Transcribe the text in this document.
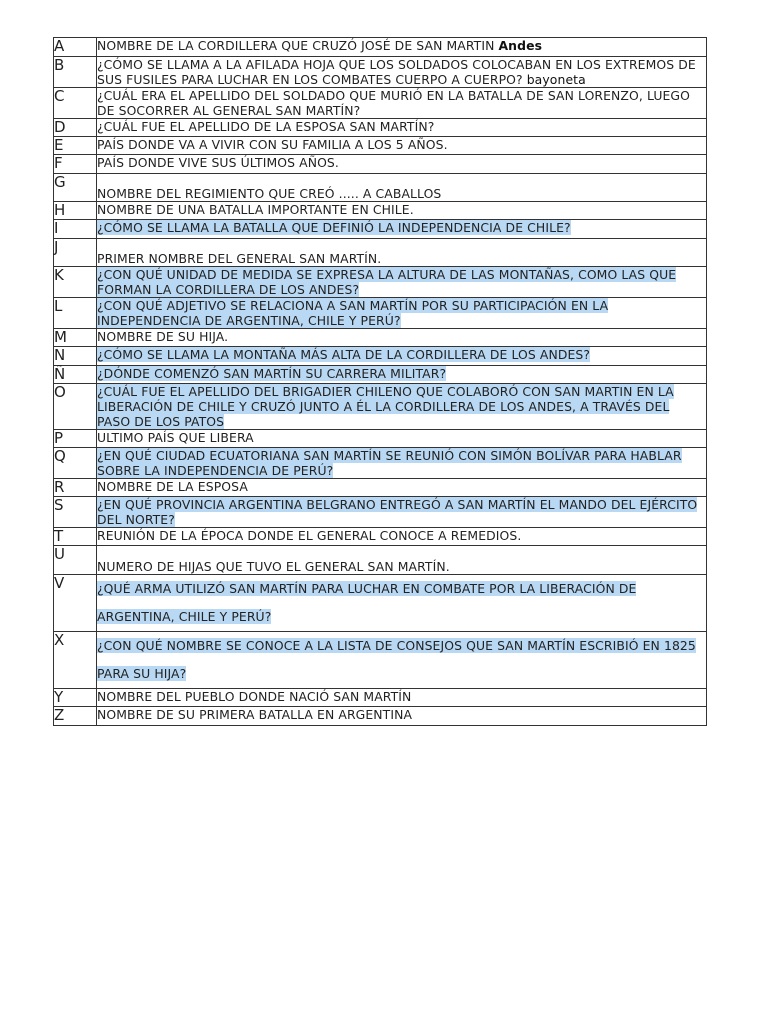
A	NOMBRE DE LA CORDILLERA QUE CRUZÓ JOSÉ DE SAN MARTIN Andes
B	¿CÓMO SE LLAMA A LA AFILADA HOJA QUE LOS SOLDADOS COLOCABAN EN LOS EXTREMOS DE SUS FUSILES PARA LUCHAR EN LOS COMBATES CUERPO A CUERPO? bayoneta
C	¿CUÁL ERA EL APELLIDO DEL SOLDADO QUE MURIÓ EN LA BATALLA DE SAN LORENZO, LUEGO DE SOCORRER AL GENERAL SAN MARTÍN?
D	¿CUÁL FUE EL APELLIDO DE LA ESPOSA SAN MARTÍN?
E	PAÍS DONDE VA A VIVIR CON SU FAMILIA A LOS 5 AÑOS.
F	PAÍS DONDE VIVE SUS ÚLTIMOS AÑOS.
G	NOMBRE DEL REGIMIENTO QUE CREÓ ..... A CABALLOS
H	NOMBRE DE UNA BATALLA IMPORTANTE EN CHILE.
I	¿CÓMO SE LLAMA LA BATALLA QUE DEFINIÓ LA INDEPENDENCIA DE CHILE?
J	PRIMER NOMBRE DEL GENERAL SAN MARTÍN.
K	¿CON QUÉ UNIDAD DE MEDIDA SE EXPRESA LA ALTURA DE LAS MONTAÑAS, COMO LAS QUE FORMAN LA CORDILLERA DE LOS ANDES?
L	¿CON QUÉ ADJETIVO SE RELACIONA A SAN MARTÍN POR SU PARTICIPACIÓN EN LA INDEPENDENCIA DE ARGENTINA, CHILE Y PERÚ?
M	NOMBRE DE SU HIJA.
N	¿CÓMO SE LLAMA LA MONTAÑA MÁS ALTA DE LA CORDILLERA DE LOS ANDES?
Ñ	¿DÓNDE COMENZÓ SAN MARTÍN SU CARRERA MILITAR?
O	¿CUÁL FUE EL APELLIDO DEL BRIGADIER CHILENO QUE COLABORÓ CON SAN MARTIN EN LA LIBERACIÓN DE CHILE Y CRUZÓ JUNTO A ÉL LA CORDILLERA DE LOS ANDES, A TRAVÉS DEL PASO DE LOS PATOS
P	ULTIMO PAÍS QUE LIBERA
Q	¿EN QUÉ CIUDAD ECUATORIANA SAN MARTÍN SE REUNIÓ CON SIMÓN BOLÍVAR PARA HABLAR SOBRE LA INDEPENDENCIA DE PERÚ?
R	NOMBRE DE LA ESPOSA
S	¿EN QUÉ PROVINCIA ARGENTINA BELGRANO ENTREGÓ A SAN MARTÍN EL MANDO DEL EJÉRCITO DEL NORTE?
T	REUNIÓN DE LA ÉPOCA DONDE EL GENERAL CONOCE A REMEDIOS.
U	NUMERO DE HIJAS QUE TUVO EL GENERAL SAN MARTÍN.
V	¿QUÉ ARMA UTILIZÓ SAN MARTÍN PARA LUCHAR EN COMBATE POR LA LIBERACIÓN DE ARGENTINA, CHILE Y PERÚ?
X	¿CON QUÉ NOMBRE SE CONOCE A LA LISTA DE CONSEJOS QUE SAN MARTÍN ESCRIBIÓ EN 1825 PARA SU HIJA?
Y	NOMBRE DEL PUEBLO DONDE NACIÓ SAN MARTÍN
Z	NOMBRE DE SU PRIMERA BATALLA EN ARGENTINA
